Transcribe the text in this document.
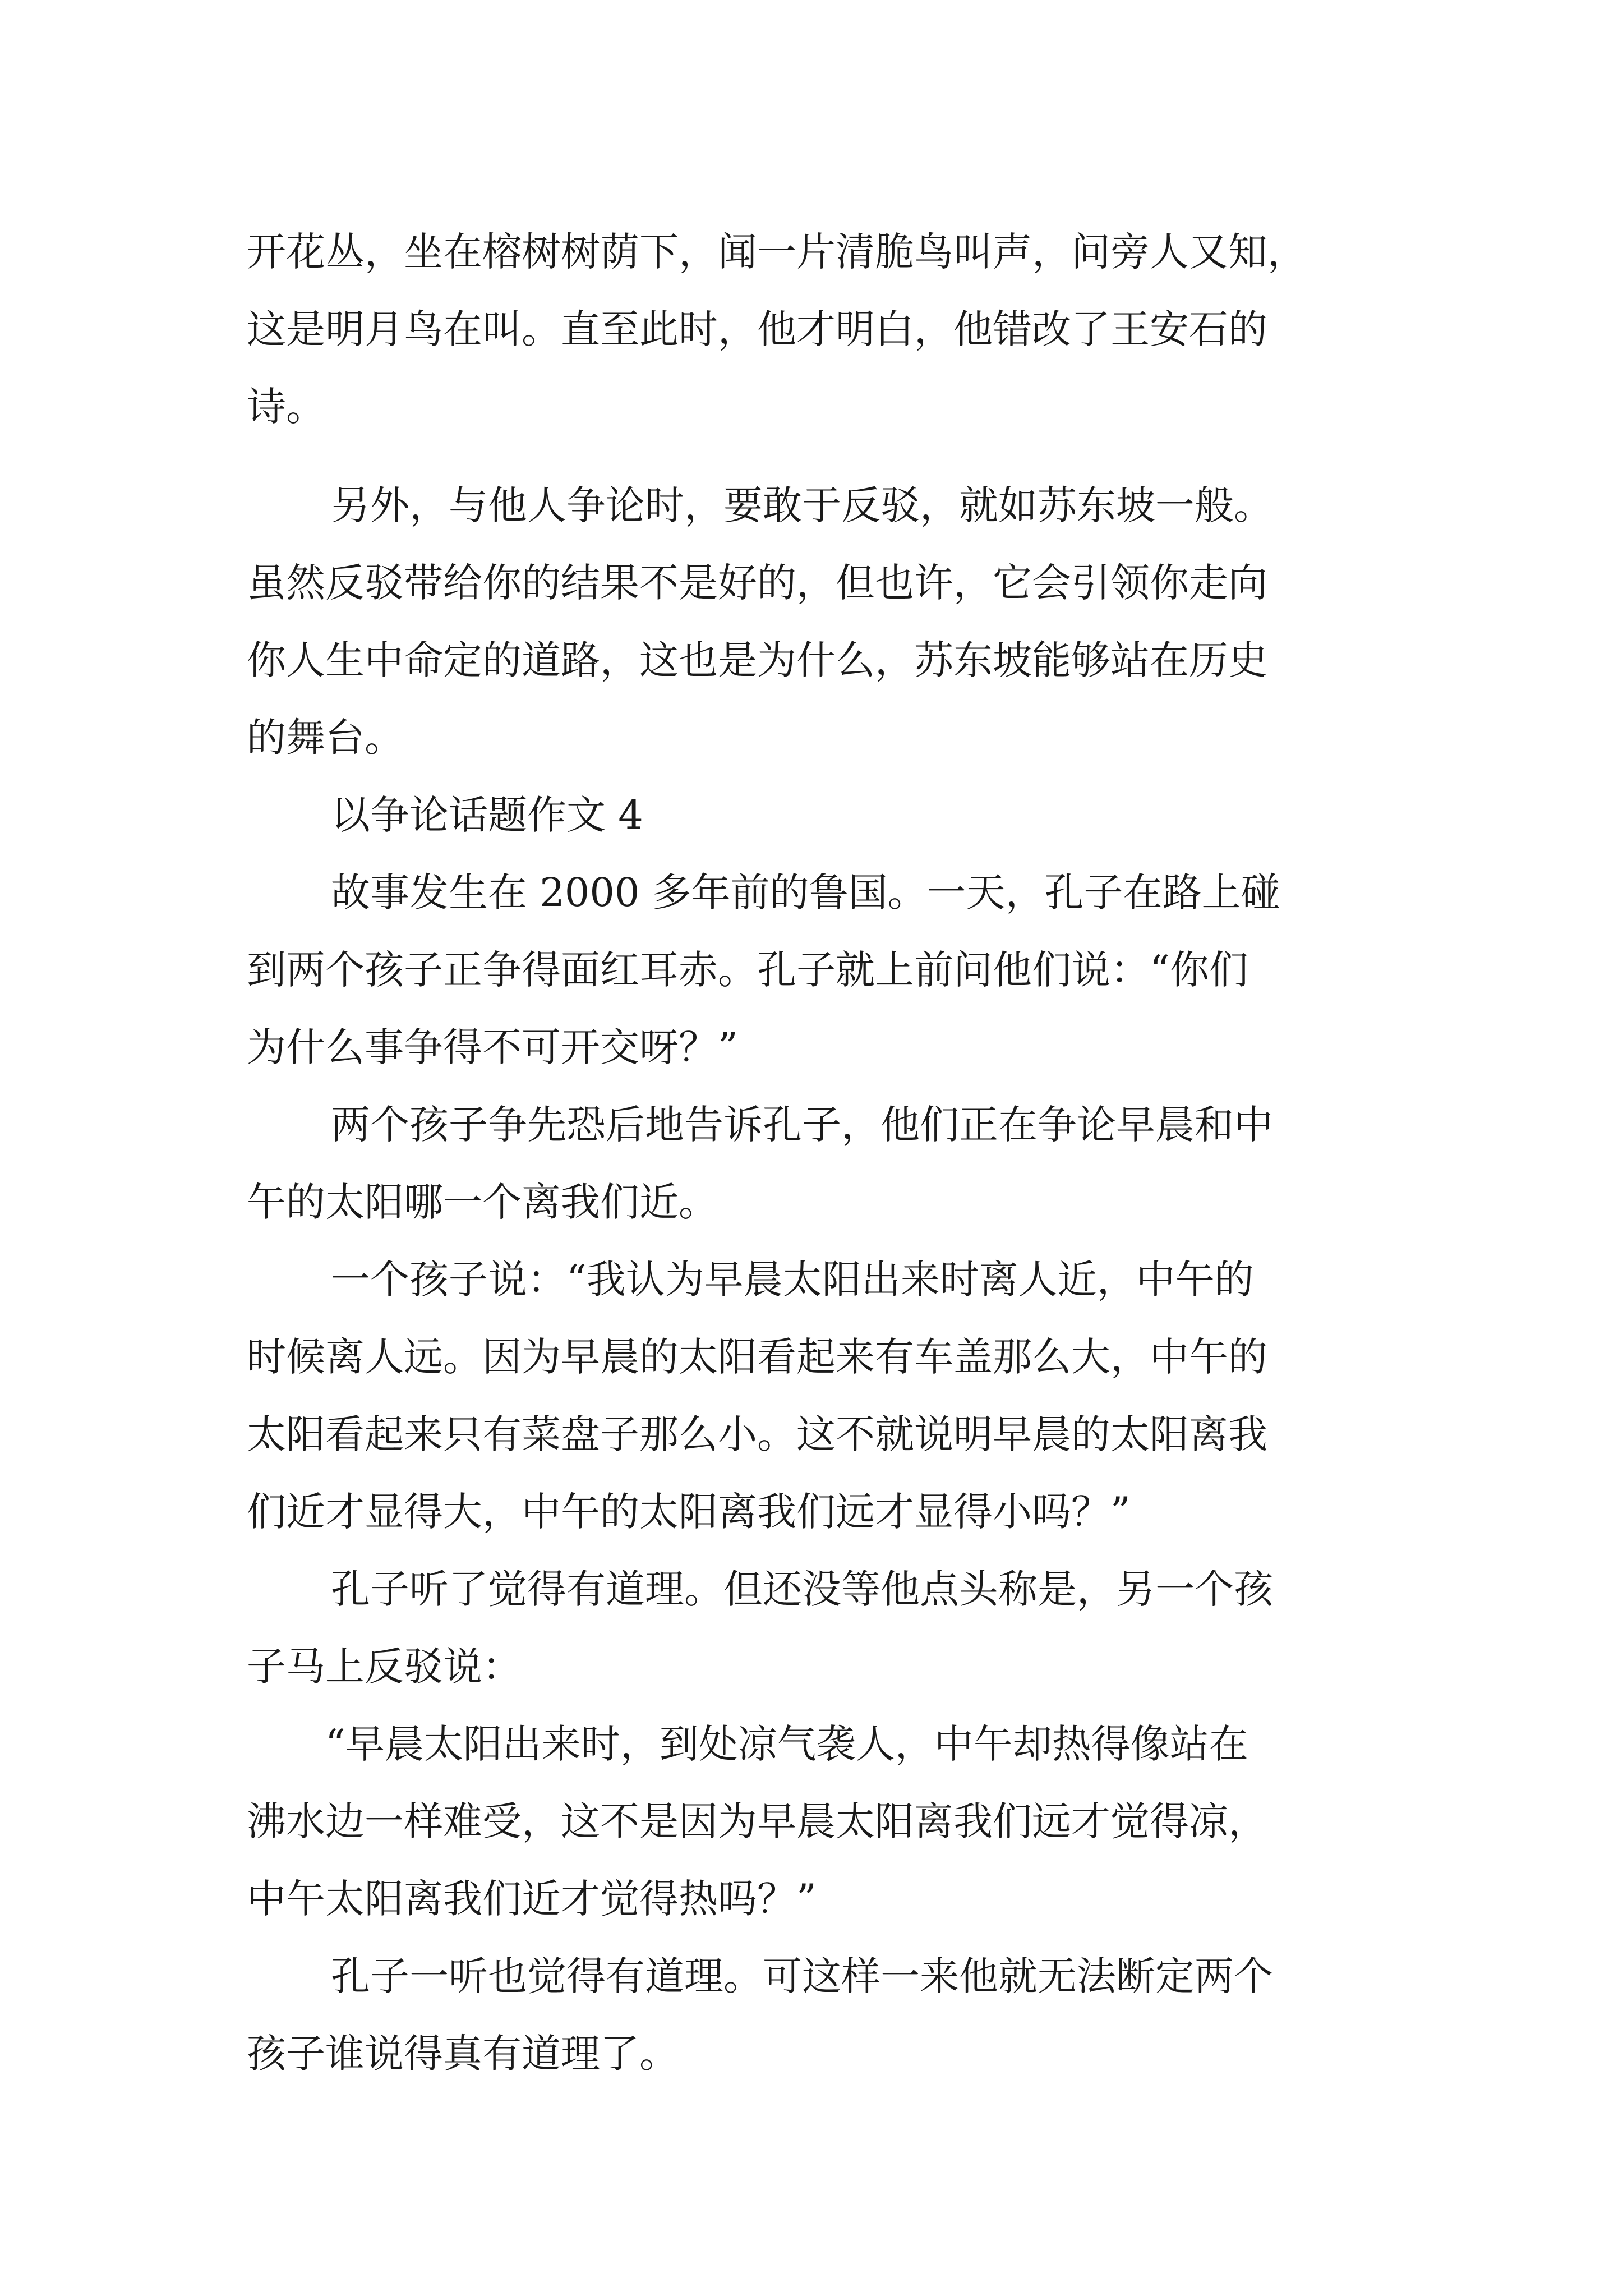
开花丛，坐在榕树树荫下，闻一片清脆鸟叫声，问旁人又知，
这是明月鸟在叫。直至此时，他才明白，他错改了王安石的
诗。
另外，与他人争论时，要敢于反驳，就如苏东坡一般。
虽然反驳带给你的结果不是好的，但也许，它会引领你走向
你人生中命定的道路，这也是为什么，苏东坡能够站在历史
的舞台。
以争论话题作文 4
故事发生在 2000 多年前的鲁国。一天，孔子在路上碰
到两个孩子正争得面红耳赤。孔子就上前问他们说：“你们
为什么事争得不可开交呀？”
两个孩子争先恐后地告诉孔子，他们正在争论早晨和中
午的太阳哪一个离我们近。
一个孩子说：“我认为早晨太阳出来时离人近，中午的
时候离人远。因为早晨的太阳看起来有车盖那么大，中午的
太阳看起来只有菜盘子那么小。这不就说明早晨的太阳离我
们近才显得大，中午的太阳离我们远才显得小吗？”
孔子听了觉得有道理。但还没等他点头称是，另一个孩
子马上反驳说：
“早晨太阳出来时，到处凉气袭人，中午却热得像站在
沸水边一样难受，这不是因为早晨太阳离我们远才觉得凉，
中午太阳离我们近才觉得热吗？”
孔子一听也觉得有道理。可这样一来他就无法断定两个
孩子谁说得真有道理了。
